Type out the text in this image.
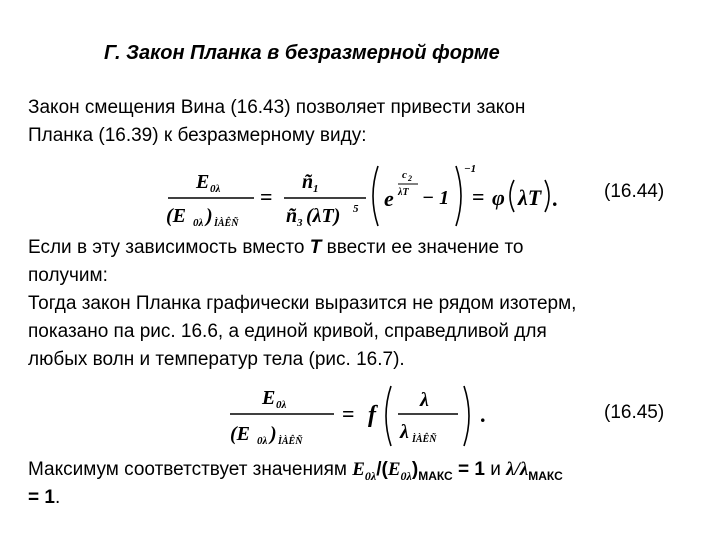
Г. Закон Планка в безразмерной форме
Закон смещения Вина (16.43) позволяет привести закон
Планка (16.39) к безразмерному виду:
E 0λ
(E 0λ ) ÌÀÊÑ
=
ñ 1
ñ 3 (λT) 5 e
c 2
λT − 1
−1
= φ λT . (16.44)
Если в эту зависимость вместо T ввести ее значение то
получим:
Тогда закон Планка графически выразится не рядом изотерм,
показано па рис. 16.6, а единой кривой, справедливой для
любых волн и температур тела (рис. 16.7).
E 0λ
(E 0λ ) ÌÀÊÑ
= f
λ
λ ÌÀÊÑ
.	(16.45)
Максимум соответствует значениям $E_{0\lambda}/(E_{0\lambda})_{МАКС} = 1$ и $\lambda/\lambda_{МАКС}$
= 1.
